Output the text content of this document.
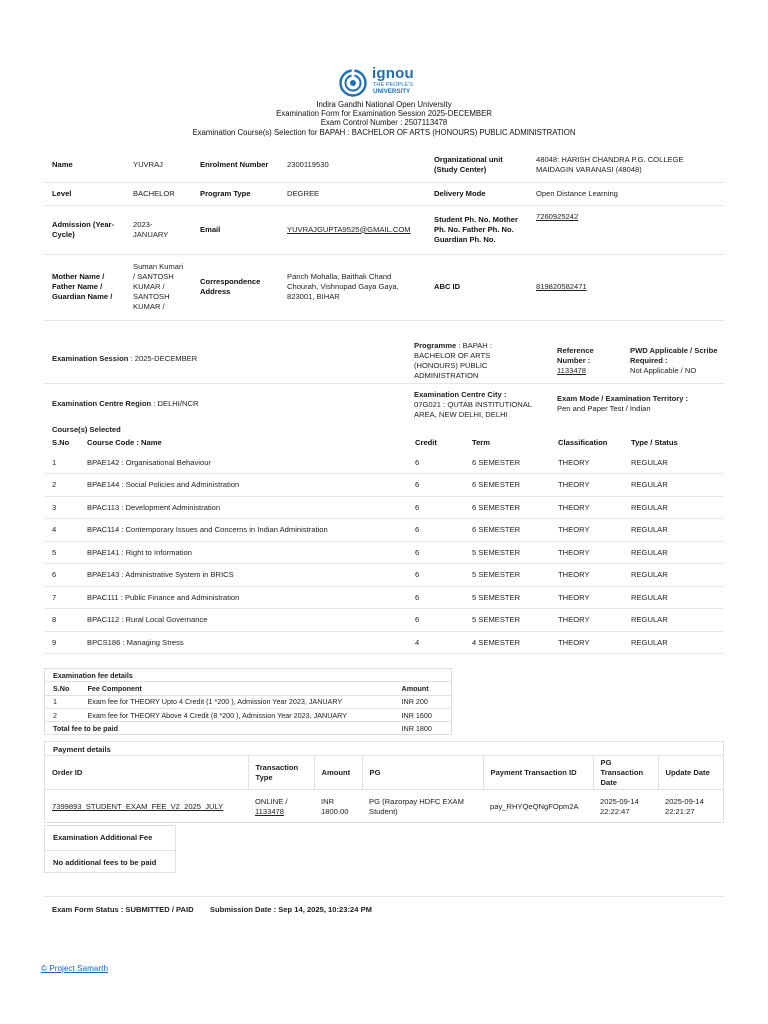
ignou
THE PEOPLE'S
UNIVERSITY
Indira Gandhi National Open University
Examination Form for Examination Session 2025-DECEMBER
Exam Control Number : 2507113478
Examination Course(s) Selection for BAPAH : BACHELOR OF ARTS (HONOURS) PUBLIC ADMINISTRATION
Name	YUVRAJ	Enrolment Number	2300119530	Organizational unit (Study Center)	48048: HARISH CHANDRA P.G. COLLEGE MAIDAGIN VARANASI (48048)
Level	BACHELOR	Program Type	DEGREE	Delivery Mode	Open Distance Learning
Admission (Year-Cycle)	2023-JANUARY	Email	YUVRAJGUPTA9525@GMAIL.COM	Student Ph. No. Mother Ph. No. Father Ph. No. Guardian Ph. No.	7260925242
Mother Name / Father Name / Guardian Name /	Suman Kumari / SANTOSH KUMAR / SANTOSH KUMAR /	Correspondence Address	Panch Mohalla, Baithak Chand Chourah, Vishnupad Gaya Gaya, 823001, BIHAR	ABC ID	819820582471
Examination Session : 2025-DECEMBER
Programme : BAPAH : BACHELOR OF ARTS (HONOURS) PUBLIC ADMINISTRATION
Reference Number :
1133478
PWD Applicable / Scribe Required :
Not Applicable / NO
Examination Centre Region : DELHI/NCR
Examination Centre City :
07G021 : QUTAB INSTITUTIONAL AREA, NEW DELHI, DELHI
Exam Mode / Examination Territory :
Pen and Paper Test / Indian
Course(s) Selected
S.No	Course Code : Name	Credit	Term	Classification	Type / Status
1	BPAE142 : Organisational Behaviour	6	6 SEMESTER	THEORY	REGULAR
2	BPAE144 : Social Policies and Administration	6	6 SEMESTER	THEORY	REGULAR
3	BPAC113 : Development Administration	6	6 SEMESTER	THEORY	REGULAR
4	BPAC114 : Contemporary Issues and Concerns in Indian Administration	6	6 SEMESTER	THEORY	REGULAR
5	BPAE141 : Right to Information	6	5 SEMESTER	THEORY	REGULAR
6	BPAE143 : Administrative System in BRICS	6	5 SEMESTER	THEORY	REGULAR
7	BPAC111 : Public Finance and Administration	6	5 SEMESTER	THEORY	REGULAR
8	BPAC112 : Rural Local Governance	6	5 SEMESTER	THEORY	REGULAR
9	BPCS186 : Managing Stress	4	4 SEMESTER	THEORY	REGULAR
Examination fee details		
S.No	Fee Component	Amount
1	Exam fee for THEORY Upto 4 Credit (1 *200 ), Admission Year 2023, JANUARY	INR 200
2	Exam fee for THEORY Above 4 Credit (8 *200 ), Admission Year 2023, JANUARY	INR 1600
Total fee to be paid		INR 1800
Payment details
Order ID	Transaction Type	Amount	PG	Payment Transaction ID	PG Transaction Date	Update Date
7399893_STUDENT_EXAM_FEE_V2_2025_JULY	ONLINE /
1133478	INR 1800.00	PG (Razorpay HDFC EXAM Student)	pay_RHYQeQNgFOpm2A	2025-09-14 22:22:47	2025-09-14 22:21:27
Examination Additional Fee
No additional fees to be paid
Exam Form Status : SUBMITTED / PAID Submission Date : Sep 14, 2025, 10:23:24 PM
© Project Samarth
